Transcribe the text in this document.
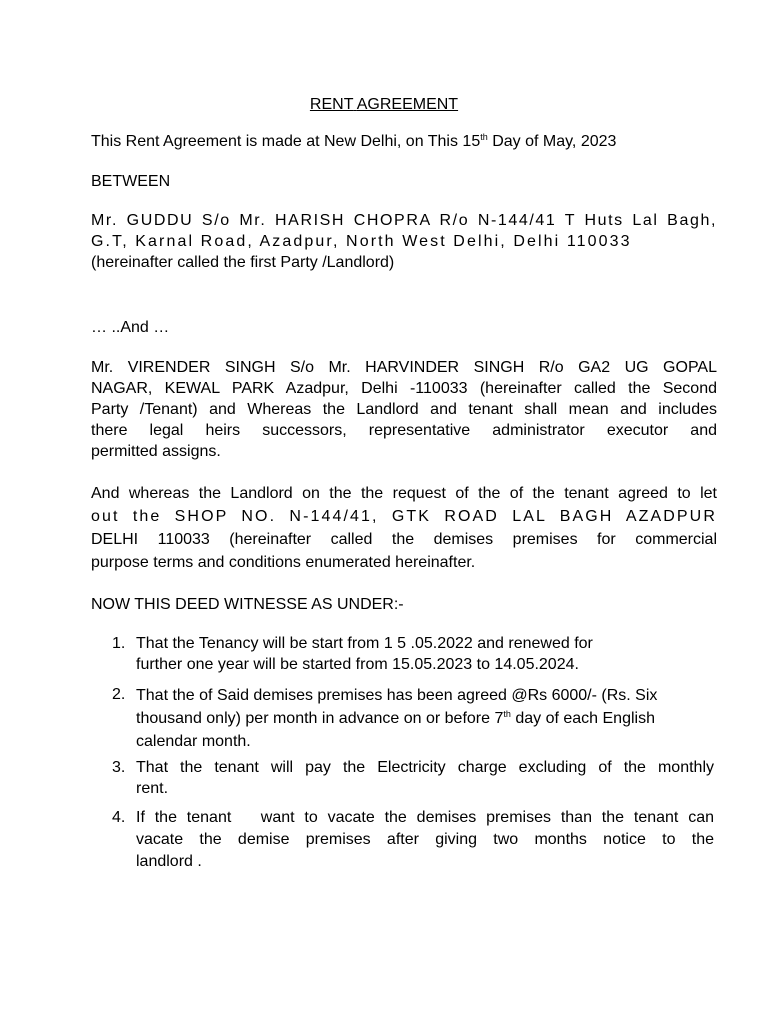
RENT AGREEMENT
This Rent Agreement is made at New Delhi, on This 15th Day of May, 2023
BETWEEN
Mr. GUDDU S/o Mr. HARISH CHOPRA R/o N-144/41 T Huts Lal Bagh,
G.T, Karnal Road, Azadpur, North West Delhi, Delhi 110033
(hereinafter called the first Party /Landlord)
… ..And …
Mr. VIRENDER SINGH S/o Mr. HARVINDER SINGH R/o GA2 UG GOPAL
NAGAR, KEWAL PARK Azadpur, Delhi -110033 (hereinafter called the Second
Party /Tenant) and Whereas the Landlord and tenant shall mean and includes
there legal heirs successors, representative administrator executor and
permitted assigns.
And whereas the Landlord on the the request of the of the tenant agreed to let
out the SHOP NO. N-144/41, GTK ROAD LAL BAGH AZADPUR
DELHI 110033 (hereinafter called the demises premises for commercial
purpose terms and conditions enumerated hereinafter.
NOW THIS DEED WITNESSE AS UNDER:-
1. That the Tenancy will be start from 1 5 .05.2022 and renewed for
further one year will be started from 15.05.2023 to 14.05.2024.
2. That the of Said demises premises has been agreed @Rs 6000/- (Rs. Six
thousand only) per month in advance on or before 7th day of each English
calendar month.
3. That the tenant will pay the Electricity charge excluding of the monthly
rent.
4. If the tenant   want to vacate the demises premises than the tenant can
vacate the demise premises after giving two months notice to the
landlord .
